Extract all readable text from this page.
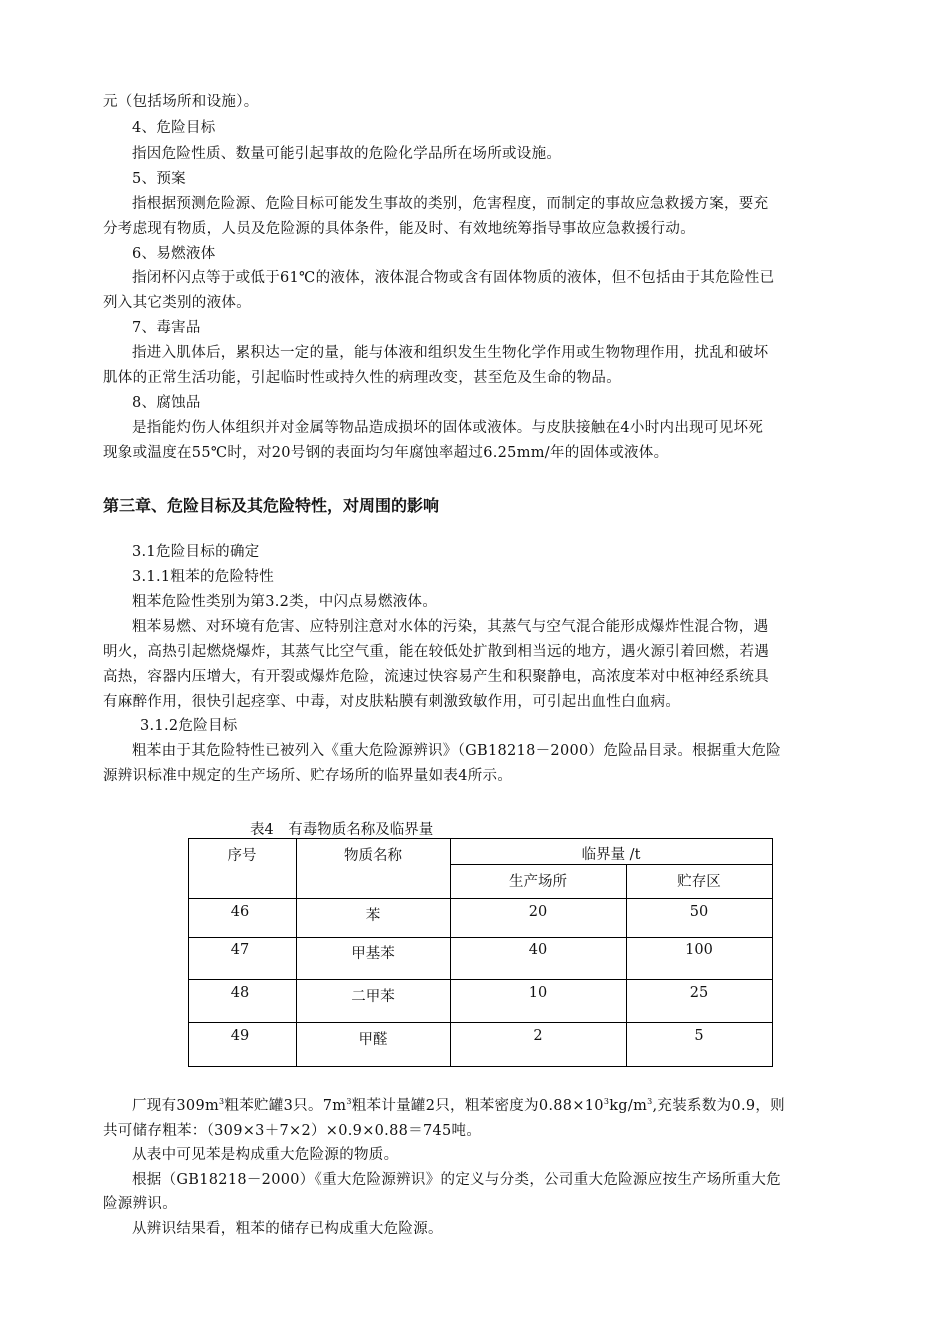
元（包括场所和设施）。
4、危险目标
指因危险性质、数量可能引起事故的危险化学品所在场所或设施。
5、预案
指根据预测危险源、危险目标可能发生事故的类别，危害程度，而制定的事故应急救援方案，要充
分考虑现有物质，人员及危险源的具体条件，能及时、有效地统筹指导事故应急救援行动。
6、易燃液体
指闭杯闪点等于或低于61℃的液体，液体混合物或含有固体物质的液体，但不包括由于其危险性已
列入其它类别的液体。
7、毒害品
指进入肌体后，累积达一定的量，能与体液和组织发生生物化学作用或生物物理作用，扰乱和破坏
肌体的正常生活功能，引起临时性或持久性的病理改变，甚至危及生命的物品。
8、腐蚀品
是指能灼伤人体组织并对金属等物品造成损坏的固体或液体。与皮肤接触在4小时内出现可见坏死
现象或温度在55℃时，对20号钢的表面均匀年腐蚀率超过6.25mm/年的固体或液体。
第三章、危险目标及其危险特性，对周围的影响
3.1危险目标的确定
3.1.1粗苯的危险特性
粗苯危险性类别为第3.2类，中闪点易燃液体。
粗苯易燃、对环境有危害、应特别注意对水体的污染，其蒸气与空气混合能形成爆炸性混合物，遇
明火，高热引起燃烧爆炸，其蒸气比空气重，能在较低处扩散到相当远的地方，遇火源引着回燃，若遇
高热，容器内压增大，有开裂或爆炸危险，流速过快容易产生和积聚静电，高浓度苯对中枢神经系统具
有麻醉作用，很快引起痉挛、中毒，对皮肤粘膜有刺激致敏作用，可引起出血性白血病。
3.1.2危险目标
粗苯由于其危险特性已被列入《重大危险源辨识》（GB18218－2000）危险品目录。根据重大危险
源辨识标准中规定的生产场所、贮存场所的临界量如表4所示。
表4　有毒物质名称及临界量
序号	物质名称	临界量 /t
生产场所	贮存区
46	苯	20	50
47	甲基苯	40	100
48	二甲苯	10	25
49	甲醛	2	5
厂现有$309m^3$粗苯贮罐3只。$7m^3$粗苯计量罐2只，粗苯密度为$0.88\times 10^3kg/m^3$,充装系数为0.9，则
共可储存粗苯：（309×3＋7×2）×0.9×0.88＝745吨。
从表中可见苯是构成重大危险源的物质。
根据（GB18218－2000）《重大危险源辨识》的定义与分类，公司重大危险源应按生产场所重大危
险源辨识。
从辨识结果看，粗苯的储存已构成重大危险源。
